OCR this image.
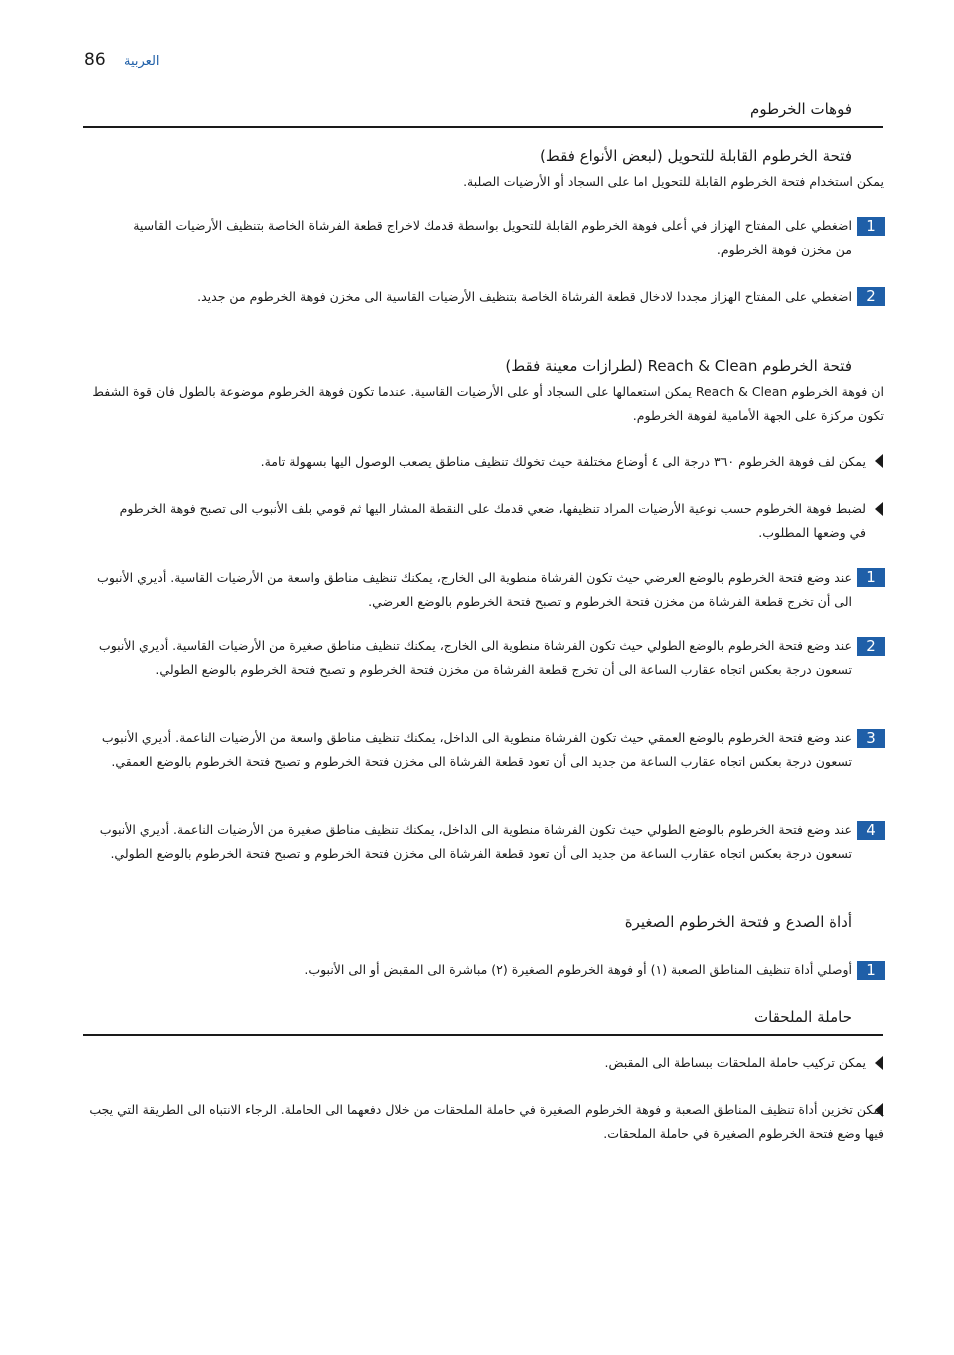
86 العربية
فوهات الخرطوم
فتحة الخرطوم القابلة للتحويل (لبعض الأنواع فقط)
يمكن استخدام فتحة الخرطوم القابلة للتحويل اما على السجاد أو الأرضيات الصلبة.
1
اضغطي على المفتاح الهزاز في أعلى فوهة الخرطوم القابلة للتحويل بواسطة قدمك لاخراج قطعة الفرشاة الخاصة بتنظيف الأرضيات القاسية من مخزن فوهة الخرطوم.
2
اضغطي على المفتاح الهزاز مجددا لادخال قطعة الفرشاة الخاصة بتنظيف الأرضيات القاسية الى مخزن فوهة الخرطوم من جديد.
فتحة الخرطوم Reach & Clean (لطرازات معينة فقط)
ان فوهة الخرطوم Reach & Clean يمكن استعمالها على السجاد أو على الأرضيات القاسية. عندما تكون فوهة الخرطوم موضوعة بالطول فان قوة الشفط تكون مركزة على الجهة الأمامية لفوهة الخرطوم.
يمكن لف فوهة الخرطوم ٣٦٠ درجة الى ٤ أوضاع مختلفة حيث تخولك تنظيف مناطق يصعب الوصول اليها بسهولة تامة.
لضبط فوهة الخرطوم حسب نوعية الأرضيات المراد تنظيفها، ضعي قدمك على النقطة المشار اليها ثم قومي بلف الأنبوب الى تصبح فوهة الخرطوم في وضعها المطلوب.
1
عند وضع فتحة الخرطوم بالوضع العرضي حيث تكون الفرشاة منطوية الى الخارج، يمكنك تنظيف مناطق واسعة من الأرضيات القاسية. أديري الأنبوب الى أن تخرج قطعة الفرشاة من مخزن فتحة الخرطوم و تصبح فتحة الخرطوم بالوضع العرضي.
2
عند وضع فتحة الخرطوم بالوضع الطولي حيث تكون الفرشاة منطوية الى الخارج، يمكنك تنظيف مناطق صغيرة من الأرضيات القاسية. أديري الأنبوب تسعون درجة بعكس اتجاه عقارب الساعة الى أن تخرج قطعة الفرشاة من مخزن فتحة الخرطوم و تصبح فتحة الخرطوم بالوضع الطولي.
3
عند وضع فتحة الخرطوم بالوضع العمقي حيث تكون الفرشاة منطوية الى الداخل، يمكنك تنظيف مناطق واسعة من الأرضيات الناعمة. أديري الأنبوب تسعون درجة بعكس اتجاه عقارب الساعة من جديد الى أن تعود قطعة الفرشاة الى مخزن فتحة الخرطوم و تصبح فتحة الخرطوم بالوضع العمقي.
4
عند وضع فتحة الخرطوم بالوضع الطولي حيث تكون الفرشاة منطوية الى الداخل، يمكنك تنظيف مناطق صغيرة من الأرضيات الناعمة. أديري الأنبوب تسعون درجة بعكس اتجاه عقارب الساعة من جديد الى أن تعود قطعة الفرشاة الى مخزن فتحة الخرطوم و تصبح فتحة الخرطوم بالوضع الطولي.
أداة الصدع و فتحة الخرطوم الصغيرة
1
أوصلي أداة تنظيف المناطق الصعبة (١) أو فوهة الخرطوم الصغيرة (٢) مباشرة الى المقبض أو الى الأنبوب.
حاملة الملحقات
يمكن تركيب حاملة الملحقات ببساطة الى المقبض.
يمكن تخزين أداة تنظيف المناطق الصعبة و فوهة الخرطوم الصغيرة في حاملة الملحقات من خلال دفعهما الى الحاملة. الرجاء الانتباه الى الطريقة التي يجب فيها وضع فتحة الخرطوم الصغيرة في حاملة الملحقات.
